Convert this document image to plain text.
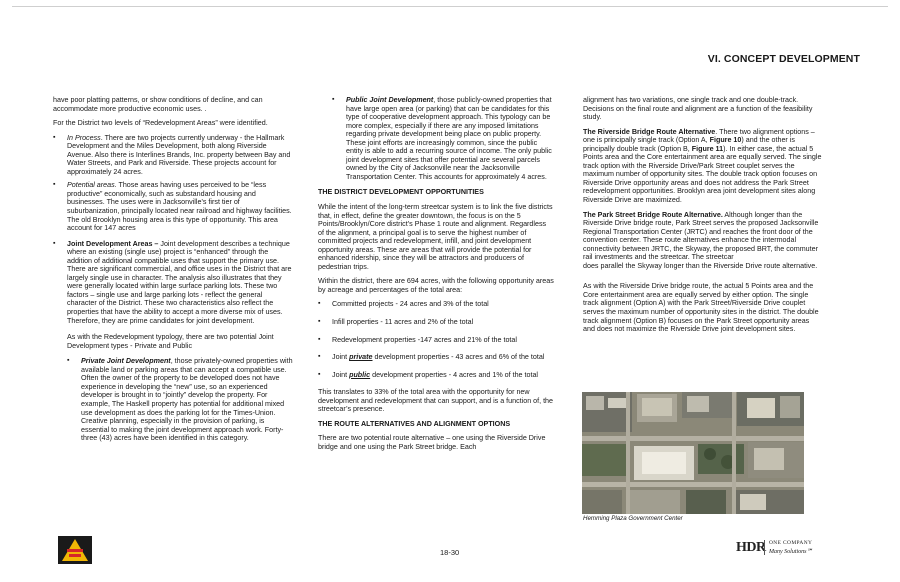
VI. CONCEPT DEVELOPMENT

have poor platting patterns, or show conditions of decline, and can accommodate more productive economic uses. .

For the District two levels of “Redevelopment Areas” were identified.

▪ In Process. There are two projects currently underway - the Hallmark Development and the Miles Development, both along Riverside Avenue. Also there is Interlines Brands, Inc. property between Bay and Water Streets, and Park and Riverside. These projects account for approximately 24 acres.
▪ Potential areas. Those areas having uses perceived to be “less productive” economically, such as substandard housing and businesses. The uses were in Jacksonville’s first tier of suburbanization, principally located near railroad and highway facilities. The old Brooklyn housing area is this type of opportunity. This area account for 147 acres
▪ Joint Development Areas – Joint development describes a technique where an existing (single use) project is “enhanced” through the addition of additional compatible uses that support the primary use. There are significant commercial, and office uses in the District that are largely single use in character. The analysis also illustrates that they were generally located within large surface parking lots. These two factors – single use and large parking lots - reflect the general character of the District. These two characteristics also reflect the properties that have the ability to accept a more diverse mix of uses. Therefore, they are prime candidates for joint development.

As with the Redevelopment typology, there are two potential Joint Development types - Private and Public

▪ Private Joint Development, those privately-owned properties with available land or parking areas that can accept a compatible use. Often the owner of the property to be developed does not have experience in developing the “new” use, so an experienced developer is brought in to “jointly” develop the property. For example, The Haskell property has potential for additional mixed use development as does the parking lot for the Times-Union. Creative planning, especially in the provision of parking, is essential to making the joint development approach work. Forty-three (43) acres have been identified in this category.
▪ Public Joint Development, those publicly-owned properties that have large open area (or parking) that can be candidates for this type of cooperative development approach. This typology can be more complex, especially if there are any imposed limitations regarding private development being place on public property. These joint efforts are increasingly common, since the public entity is able to add a recurring source of income. The only public joint development sites that offer potential are several parcels owned by the City of Jacksonville near the Jacksonville Transportation Center. This accounts for approximately 4 acres.
THE DISTRICT DEVELOPMENT OPPORTUNITIES

While the intent of the long-term streetcar system is to link the five districts that, in effect, define the greater downtown, the focus is on the 5 Points/Brooklyn/Core district’s Phase 1 route and alignment. Regardless of the alignment, a principal goal is to serve the highest number of committed projects and redevelopment, infill, and joint development opportunity areas. These are areas that will provide the potential for enhanced ridership, since they will be attractors and producers of pedestrian trips.

Within the district, there are 694 acres, with the following opportunity areas by acreage and percentages of the total area:

▪ Committed projects - 24 acres and 3% of the total
▪ Infill properties - 11 acres and 2% of the total
▪ Redevelopment properties -147 acres and 21% of the total
▪ Joint private development properties - 43 acres and 6% of the total
▪ Joint public development properties - 4 acres and 1% of the total

This translates to 33% of the total area with the opportunity for new development and redevelopment that can support, and is a function of, the streetcar’s presence.

THE ROUTE ALTERNATIVES AND ALIGNMENT OPTIONS

There are two potential route alternative – one using the Riverside Drive bridge and one using the Park Street bridge. Each

alignment has two variations, one single track and one double-track. Decisions on the final route and alignment are a function of the feasibility study.

The Riverside Bridge Route Alternative. There two alignment options – one is principally single track (Option A, Figure 10) and the other is principally double track (Option B, Figure 11). In either case, the actual 5 Points area and the Core entertainment area are equally served. The single track option with the Riverside Drive/Park Street couplet serves the maximum number of opportunity sites. The double track option focuses on Riverside Drive opportunity areas and does not address the Park Street redevelopment opportunities. Brooklyn area joint development sites along Riverside Drive are maximized.

The Park Street Bridge Route Alternative. Although longer than the Riverside Drive bridge route, Park Street serves the proposed Jacksonville Regional Transportation Center (JRTC) and reaches the front door of the convention center. These route alternatives enhance the intermodal connectivity between JRTC, the Skyway, the proposed BRT, the commuter rail investments and the streetcar. The streetcar

does parallel the Skyway longer than the Riverside Drive route alternative.

As with the Riverside Drive bridge route, the actual 5 Points area and the Core entertainment area are equally served by either option. The single track alignment (Option A) with the Park Street/Riverside Drive couplet serves the maximum number of opportunity sites in the district. The double track alignment (Option B) focuses on the Park Street opportunity areas and does not maximize the Riverside Drive joint development sites.

Hemming Plaza Government Center
18-30	HDR ONE COMPANY
Many Solutions℠
